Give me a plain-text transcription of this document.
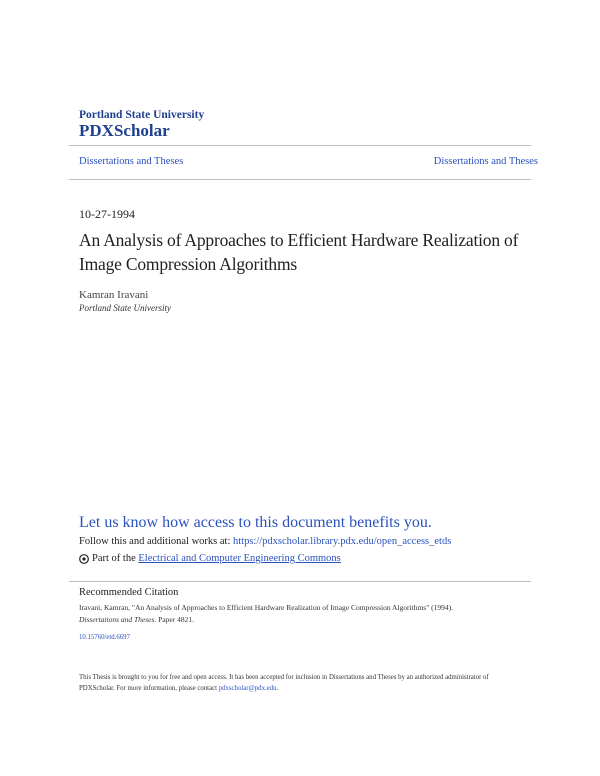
Portland State University
PDXScholar
Dissertations and Theses	Dissertations and Theses
10-27-1994
An Analysis of Approaches to Efficient Hardware Realization of Image Compression Algorithms
Kamran Iravani
Portland State University
Let us know how access to this document benefits you.
Follow this and additional works at: https://pdxscholar.library.pdx.edu/open_access_etds
Part of the
Electrical and Computer Engineering Commons
Recommended Citation
Iravani, Kamran, "An Analysis of Approaches to Efficient Hardware Realization of Image Compression Algorithms" (1994).
Dissertations and Theses. Paper 4821.
10.15760/etd.6697
This Thesis is brought to you for free and open access. It has been accepted for inclusion in Dissertations and Theses by an authorized administrator of PDXScholar. For more information, please contact pdxscholar@pdx.edu.
